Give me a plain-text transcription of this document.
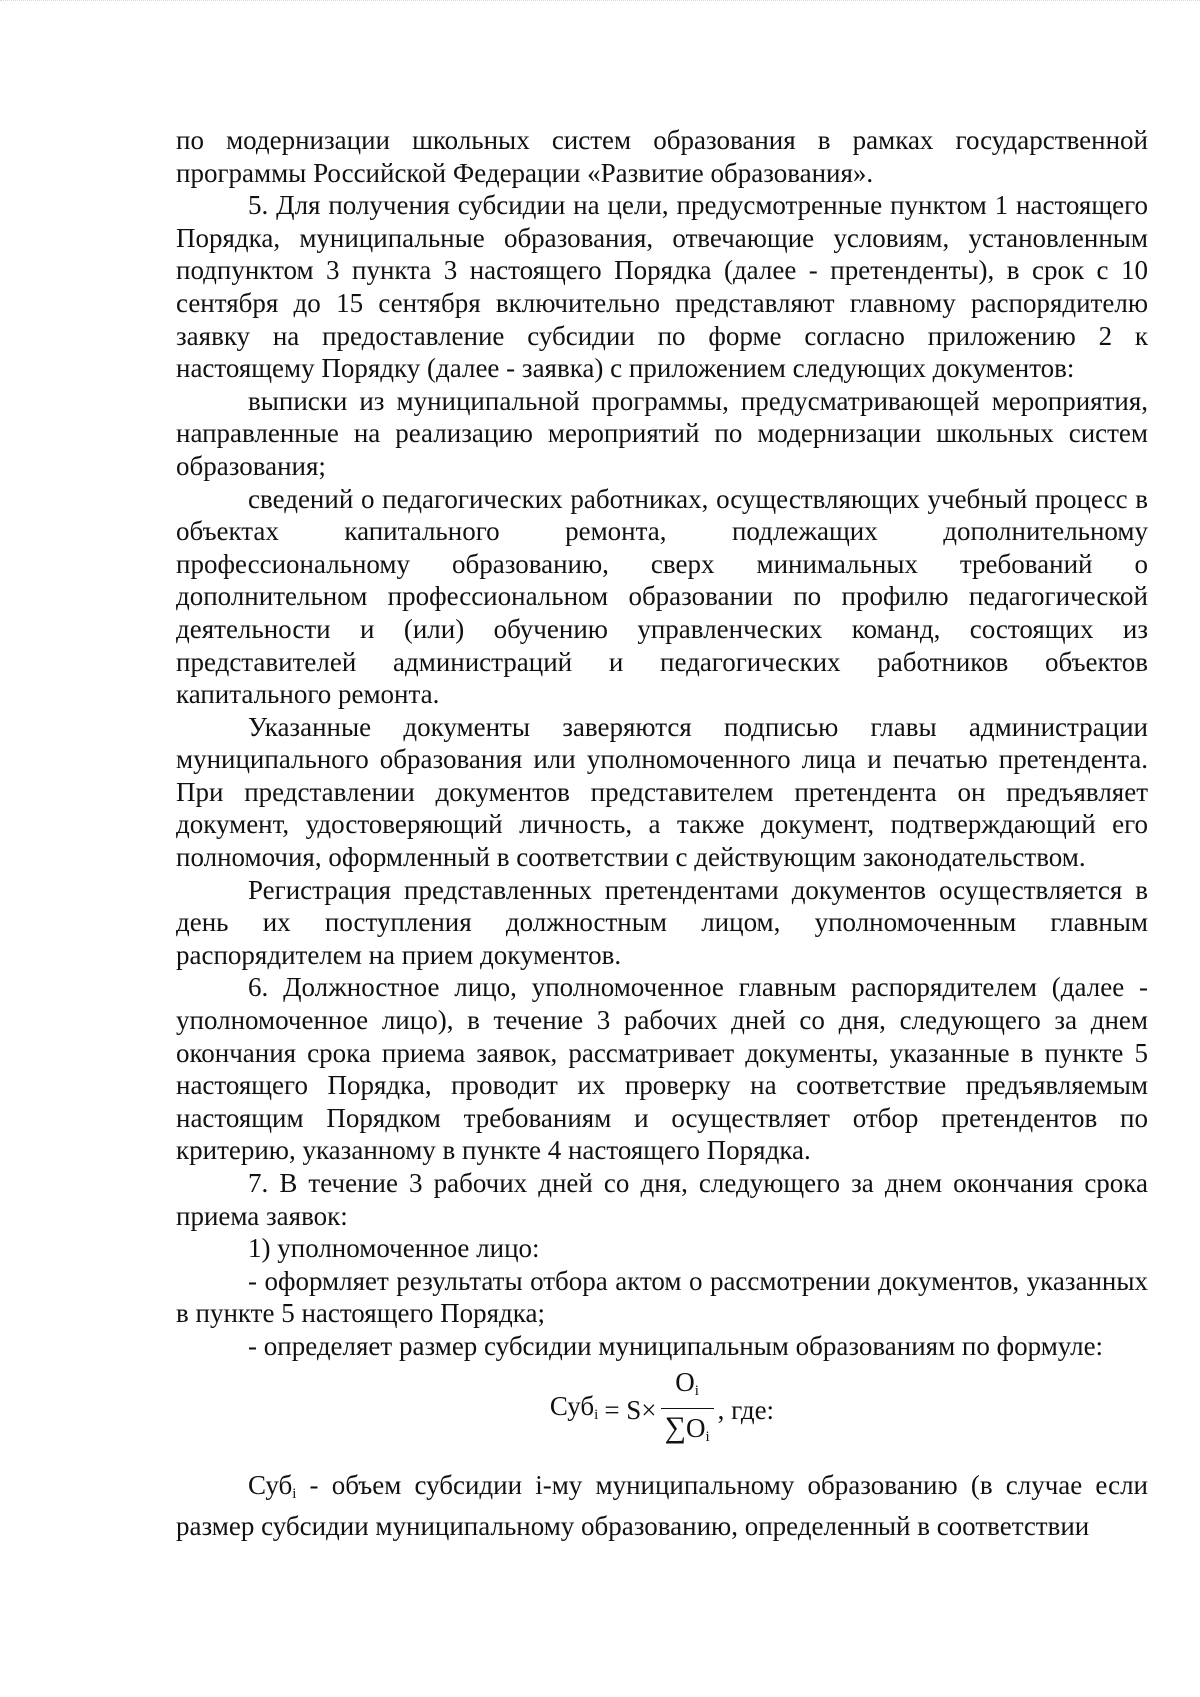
по модернизации школьных систем образования в рамках государственной программы Российской Федерации «Развитие образования».

5. Для получения субсидии на цели, предусмотренные пунктом 1 настоящего Порядка, муниципальные образования, отвечающие условиям, установленным подпунктом 3 пункта 3 настоящего Порядка (далее - претенденты), в срок с 10 сентября до 15 сентября включительно представляют главному распорядителю заявку на предоставление субсидии по форме согласно приложению 2 к настоящему Порядку (далее - заявка) с приложением следующих документов:

выписки из муниципальной программы, предусматривающей мероприятия, направленные на реализацию мероприятий по модернизации школьных систем образования;

сведений о педагогических работниках, осуществляющих учебный процесс в объектах капитального ремонта, подлежащих дополнительному профессиональному образованию, сверх минимальных требований о дополнительном профессиональном образовании по профилю педагогической деятельности и (или) обучению управленческих команд, состоящих из представителей администраций и педагогических работников объектов капитального ремонта.

Указанные документы заверяются подписью главы администрации муниципального образования или уполномоченного лица и печатью претендента. При представлении документов представителем претендента он предъявляет документ, удостоверяющий личность, а также документ, подтверждающий его полномочия, оформленный в соответствии с действующим законодательством.

Регистрация представленных претендентами документов осуществляется в день их поступления должностным лицом, уполномоченным главным распорядителем на прием документов.

6. Должностное лицо, уполномоченное главным распорядителем (далее - уполномоченное лицо), в течение 3 рабочих дней со дня, следующего за днем окончания срока приема заявок, рассматривает документы, указанные в пункте 5 настоящего Порядка, проводит их проверку на соответствие предъявляемым настоящим Порядком требованиям и осуществляет отбор претендентов по критерию, указанному в пункте 4 настоящего Порядка.

7. В течение 3 рабочих дней со дня, следующего за днем окончания срока приема заявок:

1) уполномоченное лицо:

- оформляет результаты отбора актом о рассмотрении документов, указанных в пункте 5 настоящего Порядка;

- определяет размер субсидии муниципальным образованиям по формуле:

$Суб_i = S\times \frac{O_i}{\sum O_i}$ , где:

Суб$_i$ - объем субсидии i-му муниципальному образованию (в случае если размер субсидии муниципальному образованию, определенный в соответствии
